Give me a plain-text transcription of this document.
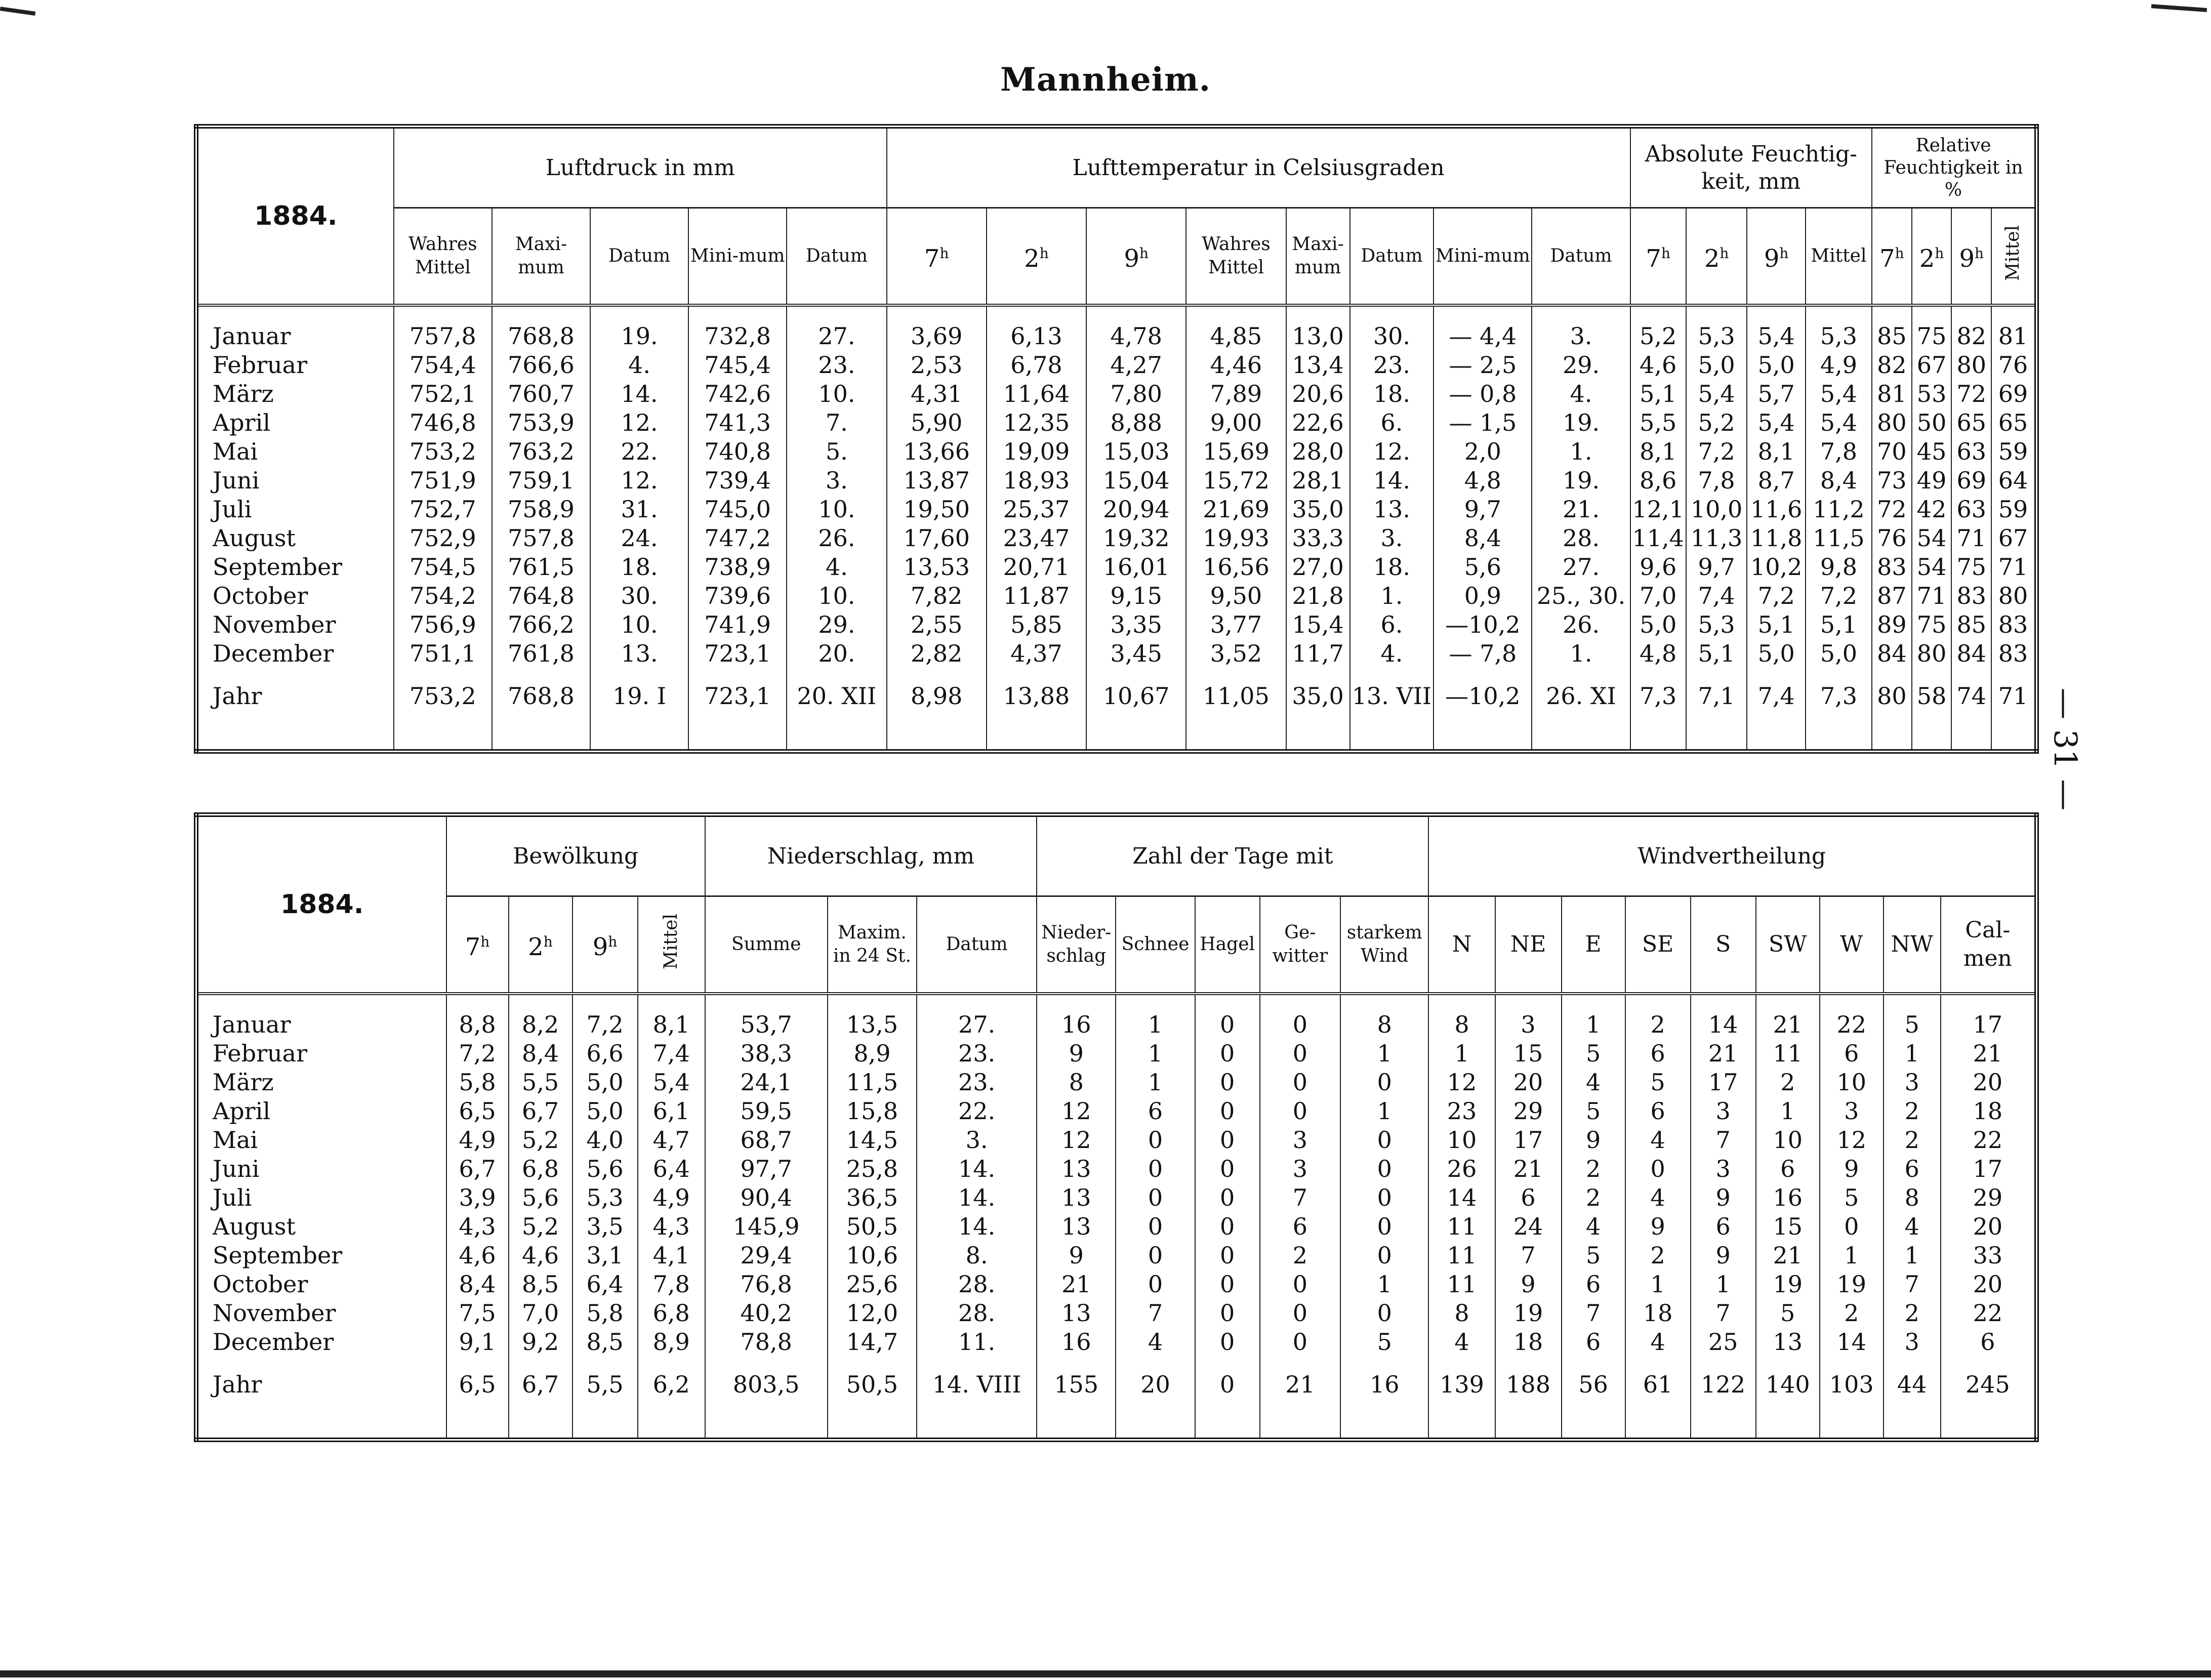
Mannheim.
— 31 —
1884.	Luftdruck in mm					Lufttemperatur in Celsiusgraden								Absolute Feuchtig-keit, mm				Relative Feuchtigkeit in %			
	Wahres Mittel	Maxi-mum	Datum	Mini-mum	Datum	7$^h$	2$^h$	9$^h$	Wahres Mittel	Maxi-mum	Datum	Mini-mum	Datum	7$^h$	2$^h$	9$^h$	Mittel	7$^h$	2$^h$	9$^h$	Mittel

Januar	757,8	768,8	19.	732,8	27.	3,69	6,13	4,78	4,85	13,0	30.	— 4,4	3.	5,2	5,3	5,4	5,3	85	75	82	81
Februar	754,4	766,6	4.	745,4	23.	2,53	6,78	4,27	4,46	13,4	23.	— 2,5	29.	4,6	5,0	5,0	4,9	82	67	80	76
März	752,1	760,7	14.	742,6	10.	4,31	11,64	7,80	7,89	20,6	18.	— 0,8	4.	5,1	5,4	5,7	5,4	81	53	72	69
April	746,8	753,9	12.	741,3	7.	5,90	12,35	8,88	9,00	22,6	6.	— 1,5	19.	5,5	5,2	5,4	5,4	80	50	65	65
Mai	753,2	763,2	22.	740,8	5.	13,66	19,09	15,03	15,69	28,0	12.	2,0	1.	8,1	7,2	8,1	7,8	70	45	63	59
Juni	751,9	759,1	12.	739,4	3.	13,87	18,93	15,04	15,72	28,1	14.	4,8	19.	8,6	7,8	8,7	8,4	73	49	69	64
Juli	752,7	758,9	31.	745,0	10.	19,50	25,37	20,94	21,69	35,0	13.	9,7	21.	12,1	10,0	11,6	11,2	72	42	63	59
August	752,9	757,8	24.	747,2	26.	17,60	23,47	19,32	19,93	33,3	3.	8,4	28.	11,4	11,3	11,8	11,5	76	54	71	67
September	754,5	761,5	18.	738,9	4.	13,53	20,71	16,01	16,56	27,0	18.	5,6	27.	9,6	9,7	10,2	9,8	83	54	75	71
October	754,2	764,8	30.	739,6	10.	7,82	11,87	9,15	9,50	21,8	1.	0,9	25., 30.	7,0	7,4	7,2	7,2	87	71	83	80
November	756,9	766,2	10.	741,9	29.	2,55	5,85	3,35	3,77	15,4	6.	—10,2	26.	5,0	5,3	5,1	5,1	89	75	85	83
December	751,1	761,8	13.	723,1	20.	2,82	4,37	3,45	3,52	11,7	4.	— 7,8	1.	4,8	5,1	5,0	5,0	84	80	84	83
Jahr	753,2	768,8	19. I	723,1	20. XII	8,98	13,88	10,67	11,05	35,0	13. VII	—10,2	26. XI	7,3	7,1	7,4	7,3	80	58	74	71

1884.	Bewölkung				Niederschlag, mm			Zahl der Tage mit					Windvertheilung								
	7$^h$	2$^h$	9$^h$	Mittel	Summe	Maxim. in 24 St.	Datum	Nieder-schlag	Schnee	Hagel	Ge-witter	starkem Wind	N	NE	E	SE	S	SW	W	NW	Cal-men

Januar	8,8	8,2	7,2	8,1	53,7	13,5	27.	16	1	0	0	8	8	3	1	2	14	21	22	5	17
Februar	7,2	8,4	6,6	7,4	38,3	8,9	23.	9	1	0	0	1	1	15	5	6	21	11	6	1	21
März	5,8	5,5	5,0	5,4	24,1	11,5	23.	8	1	0	0	0	12	20	4	5	17	2	10	3	20
April	6,5	6,7	5,0	6,1	59,5	15,8	22.	12	6	0	0	1	23	29	5	6	3	1	3	2	18
Mai	4,9	5,2	4,0	4,7	68,7	14,5	3.	12	0	0	3	0	10	17	9	4	7	10	12	2	22
Juni	6,7	6,8	5,6	6,4	97,7	25,8	14.	13	0	0	3	0	26	21	2	0	3	6	9	6	17
Juli	3,9	5,6	5,3	4,9	90,4	36,5	14.	13	0	0	7	0	14	6	2	4	9	16	5	8	29
August	4,3	5,2	3,5	4,3	145,9	50,5	14.	13	0	0	6	0	11	24	4	9	6	15	0	4	20
September	4,6	4,6	3,1	4,1	29,4	10,6	8.	9	0	0	2	0	11	7	5	2	9	21	1	1	33
October	8,4	8,5	6,4	7,8	76,8	25,6	28.	21	0	0	0	1	11	9	6	1	1	19	19	7	20
November	7,5	7,0	5,8	6,8	40,2	12,0	28.	13	7	0	0	0	8	19	7	18	7	5	2	2	22
December	9,1	9,2	8,5	8,9	78,8	14,7	11.	16	4	0	0	5	4	18	6	4	25	13	14	3	6
Jahr	6,5	6,7	5,5	6,2	803,5	50,5	14. VIII	155	20	0	21	16	139	188	56	61	122	140	103	44	245
